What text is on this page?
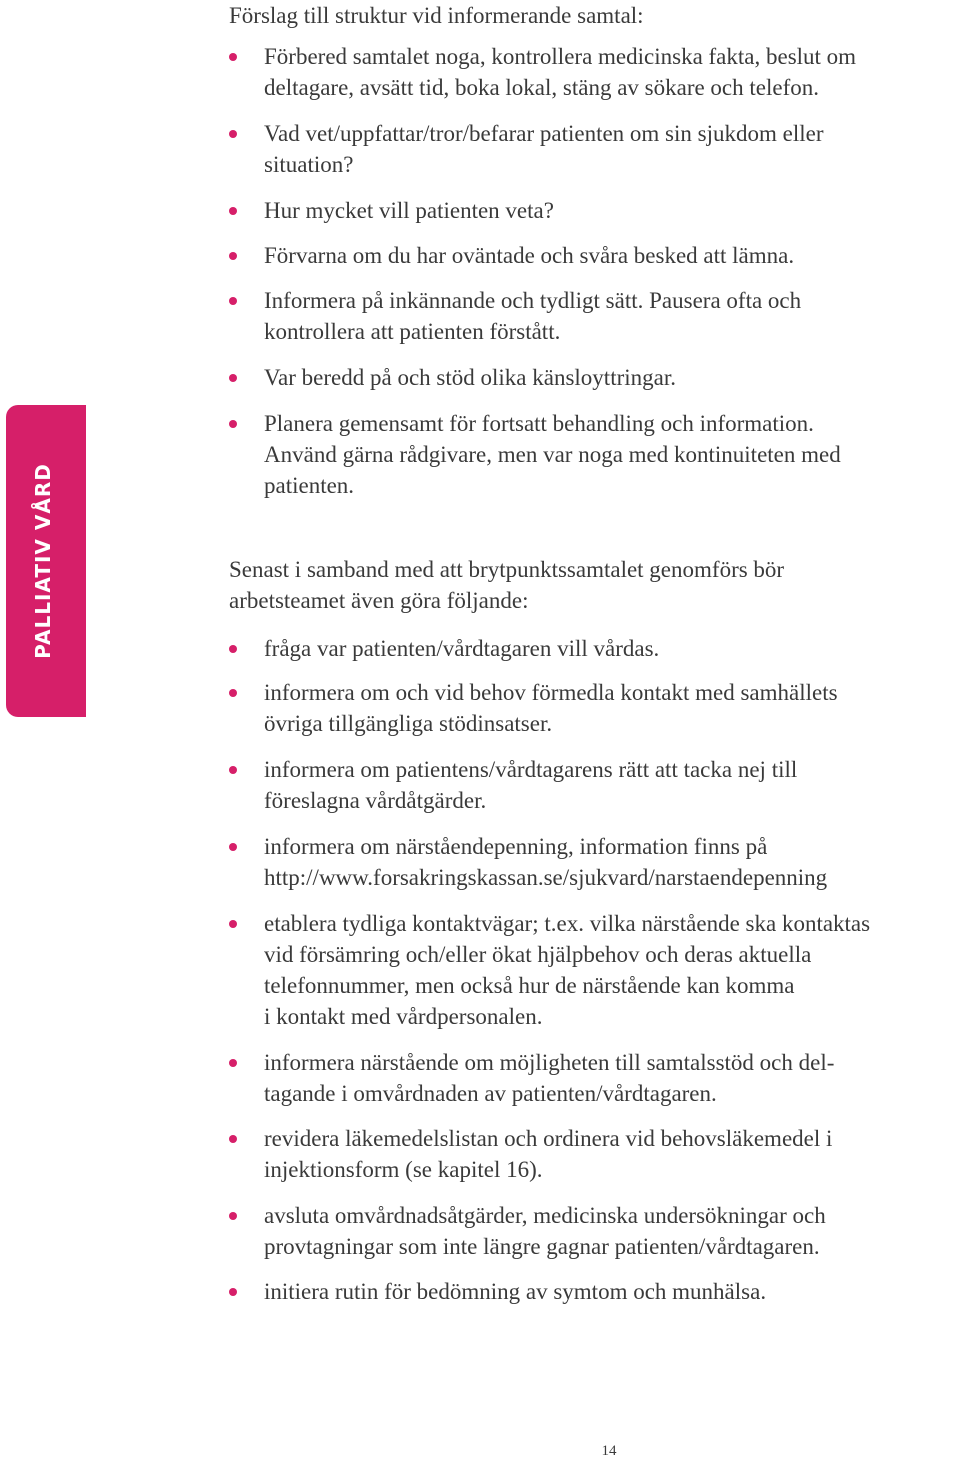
PALLIATIV VÅRD

Förslag till struktur vid informerande samtal:

Förbered samtalet noga, kontrollera medicinska fakta, beslut om
deltagare, avsätt tid, boka lokal, stäng av sökare och telefon.
Vad vet/uppfattar/tror/befarar patienten om sin sjukdom eller
situation?
Hur mycket vill patienten veta?
Förvarna om du har oväntade och svåra besked att lämna.
Informera på inkännande och tydligt sätt. Pausera ofta och
kontrollera att patienten förstått.
Var beredd på och stöd olika känsloyttringar.
Planera gemensamt för fortsatt behandling och information.
Använd gärna rådgivare, men var noga med kontinuiteten med
patienten.

Senast i samband med att brytpunktssamtalet genomförs bör
arbetsteamet även göra följande:

fråga var patienten/vårdtagaren vill vårdas.
informera om och vid behov förmedla kontakt med samhällets
övriga tillgängliga stödinsatser.
informera om patientens/vårdtagarens rätt att tacka nej till
föreslagna vårdåtgärder.
informera om närståendepenning, information finns på
http://www.forsakringskassan.se/sjukvard/narstaendepenning
etablera tydliga kontaktvägar; t.ex. vilka närstående ska kontaktas
vid försämring och/eller ökat hjälpbehov och deras aktuella
telefonnummer, men också hur de närstående kan komma
i kontakt med vårdpersonalen.
informera närstående om möjligheten till samtalsstöd och del-
tagande i omvårdnaden av patienten/vårdtagaren.
revidera läkemedelslistan och ordinera vid behovsläkemedel i
injektionsform (se kapitel 16).
avsluta omvårdnadsåtgärder, medicinska undersökningar och
provtagningar som inte längre gagnar patienten/vårdtagaren.
initiera rutin för bedömning av symtom och munhälsa.
14
